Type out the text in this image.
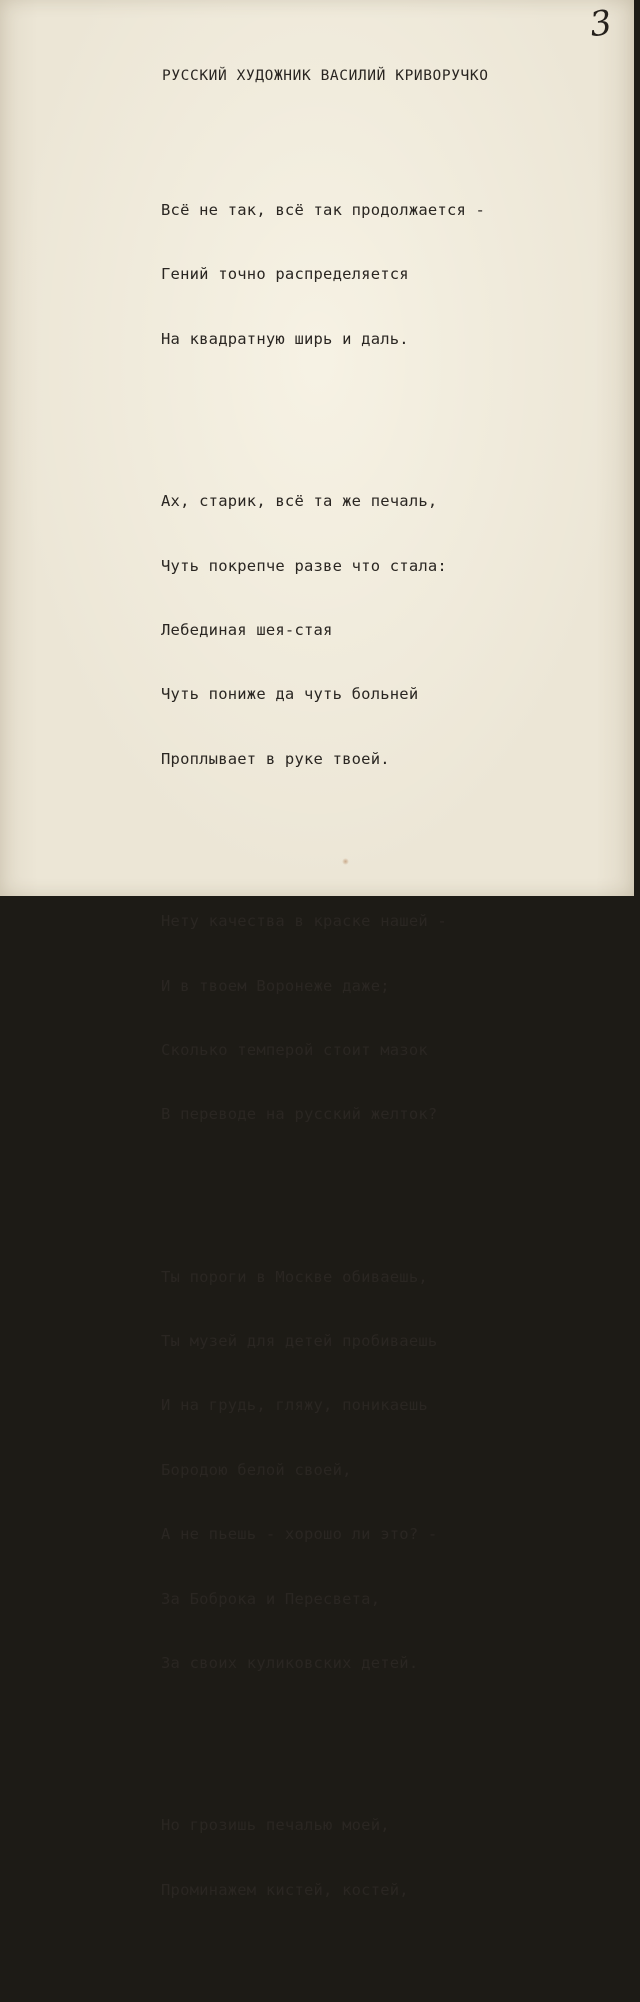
3
РУССКИЙ ХУДОЖНИК ВАСИЛИЙ КРИВОРУЧКО

Всё не так, всё так продолжается -

Гений точно распределяется

На квадратную ширь и даль.

Ах, старик, всё та же печаль,

Чуть покрепче разве что стала:

Лебединая шея-стая

Чуть пониже да чуть больней

Проплывает в руке твоей.

Нету качества в краске нашей -

И в твоем Воронеже даже;

Сколько темперой стоит мазок

В переводе на русский желток?

Ты пороги в Москве обиваешь,

Ты музей для детей пробиваешь

И на грудь, гляжу, поникаешь

Бородою белой своей,

А не пьешь - хорошо ли это? -

За Боброка и Пересвета,

За своих куликовских детей.

Но грозишь печалью моей,

Проминажем кистей, костей,
